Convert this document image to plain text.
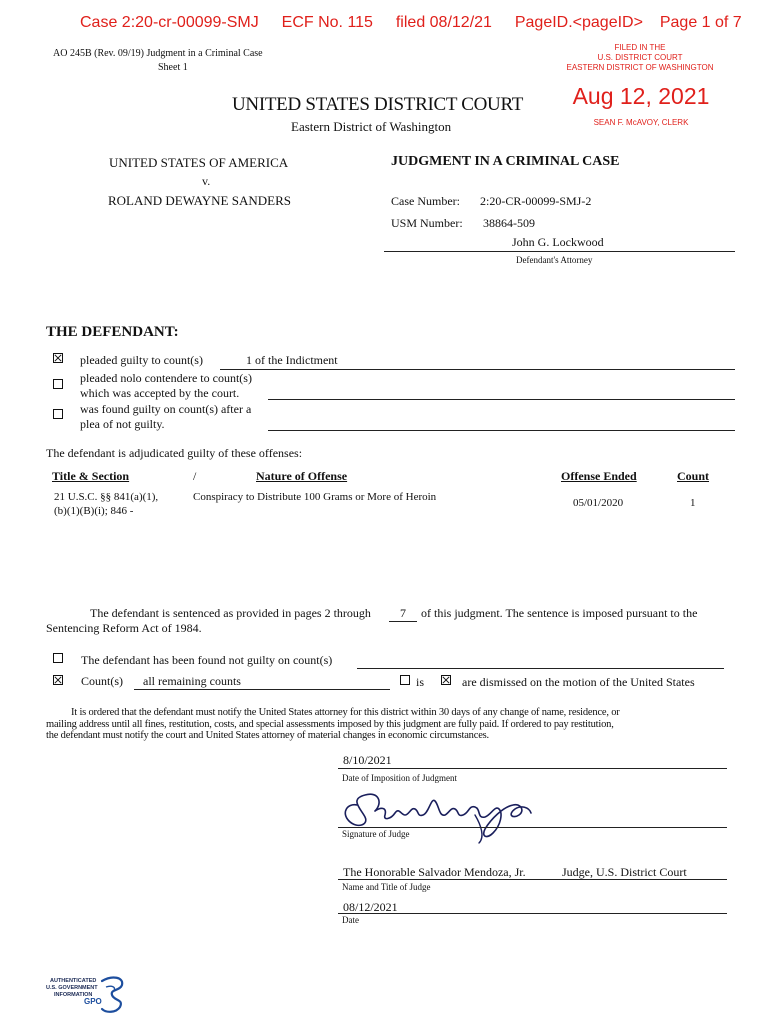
Case 2:20-cr-00099-SMJ ECF No. 115 filed 08/12/21 PageID.<pageID> Page 1 of 7
AO 245B (Rev. 09/19) Judgment in a Criminal Case
Sheet 1
FILED IN THE
U.S. DISTRICT COURT
EASTERN DISTRICT OF WASHINGTON
Aug 12, 2021
SEAN F. McAVOY, CLERK
UNITED STATES DISTRICT COURT
Eastern District of Washington
UNITED STATES OF AMERICA
v.
ROLAND DEWAYNE SANDERS
JUDGMENT IN A CRIMINAL CASE
Case Number: 2:20-CR-00099-SMJ-2
USM Number: 38864-509
John G. Lockwood
Defendant's Attorney
THE DEFENDANT:
pleaded guilty to count(s)	1 of the Indictment
pleaded nolo contendere to count(s)
which was accepted by the court.
was found guilty on count(s) after a
plea of not guilty.
The defendant is adjudicated guilty of these offenses:
Title & Section	/	Nature of Offense	Offense Ended	Count
21 U.S.C. §§ 841(a)(1),
(b)(1)(B)(i); 846 -
Conspiracy to Distribute 100 Grams or More of Heroin	05/01/2020	1
The defendant is sentenced as provided in pages 2 through 7 of this judgment. The sentence is imposed pursuant to the
Sentencing Reform Act of 1984.
The defendant has been found not guilty on count(s)
Count(s) all remaining counts	is	are dismissed on the motion of the United States
It is ordered that the defendant must notify the United States attorney for this district within 30 days of any change of name, residence, or
mailing address until all fines, restitution, costs, and special assessments imposed by this judgment are fully paid. If ordered to pay restitution,
the defendant must notify the court and United States attorney of material changes in economic circumstances.
8/10/2021
Date of Imposition of Judgment
Signature of Judge
The Honorable Salvador Mendoza, Jr.	Judge, U.S. District Court
Name and Title of Judge
08/12/2021
Date
AUTHENTICATED
U.S. GOVERNMENT
INFORMATION
GPO
